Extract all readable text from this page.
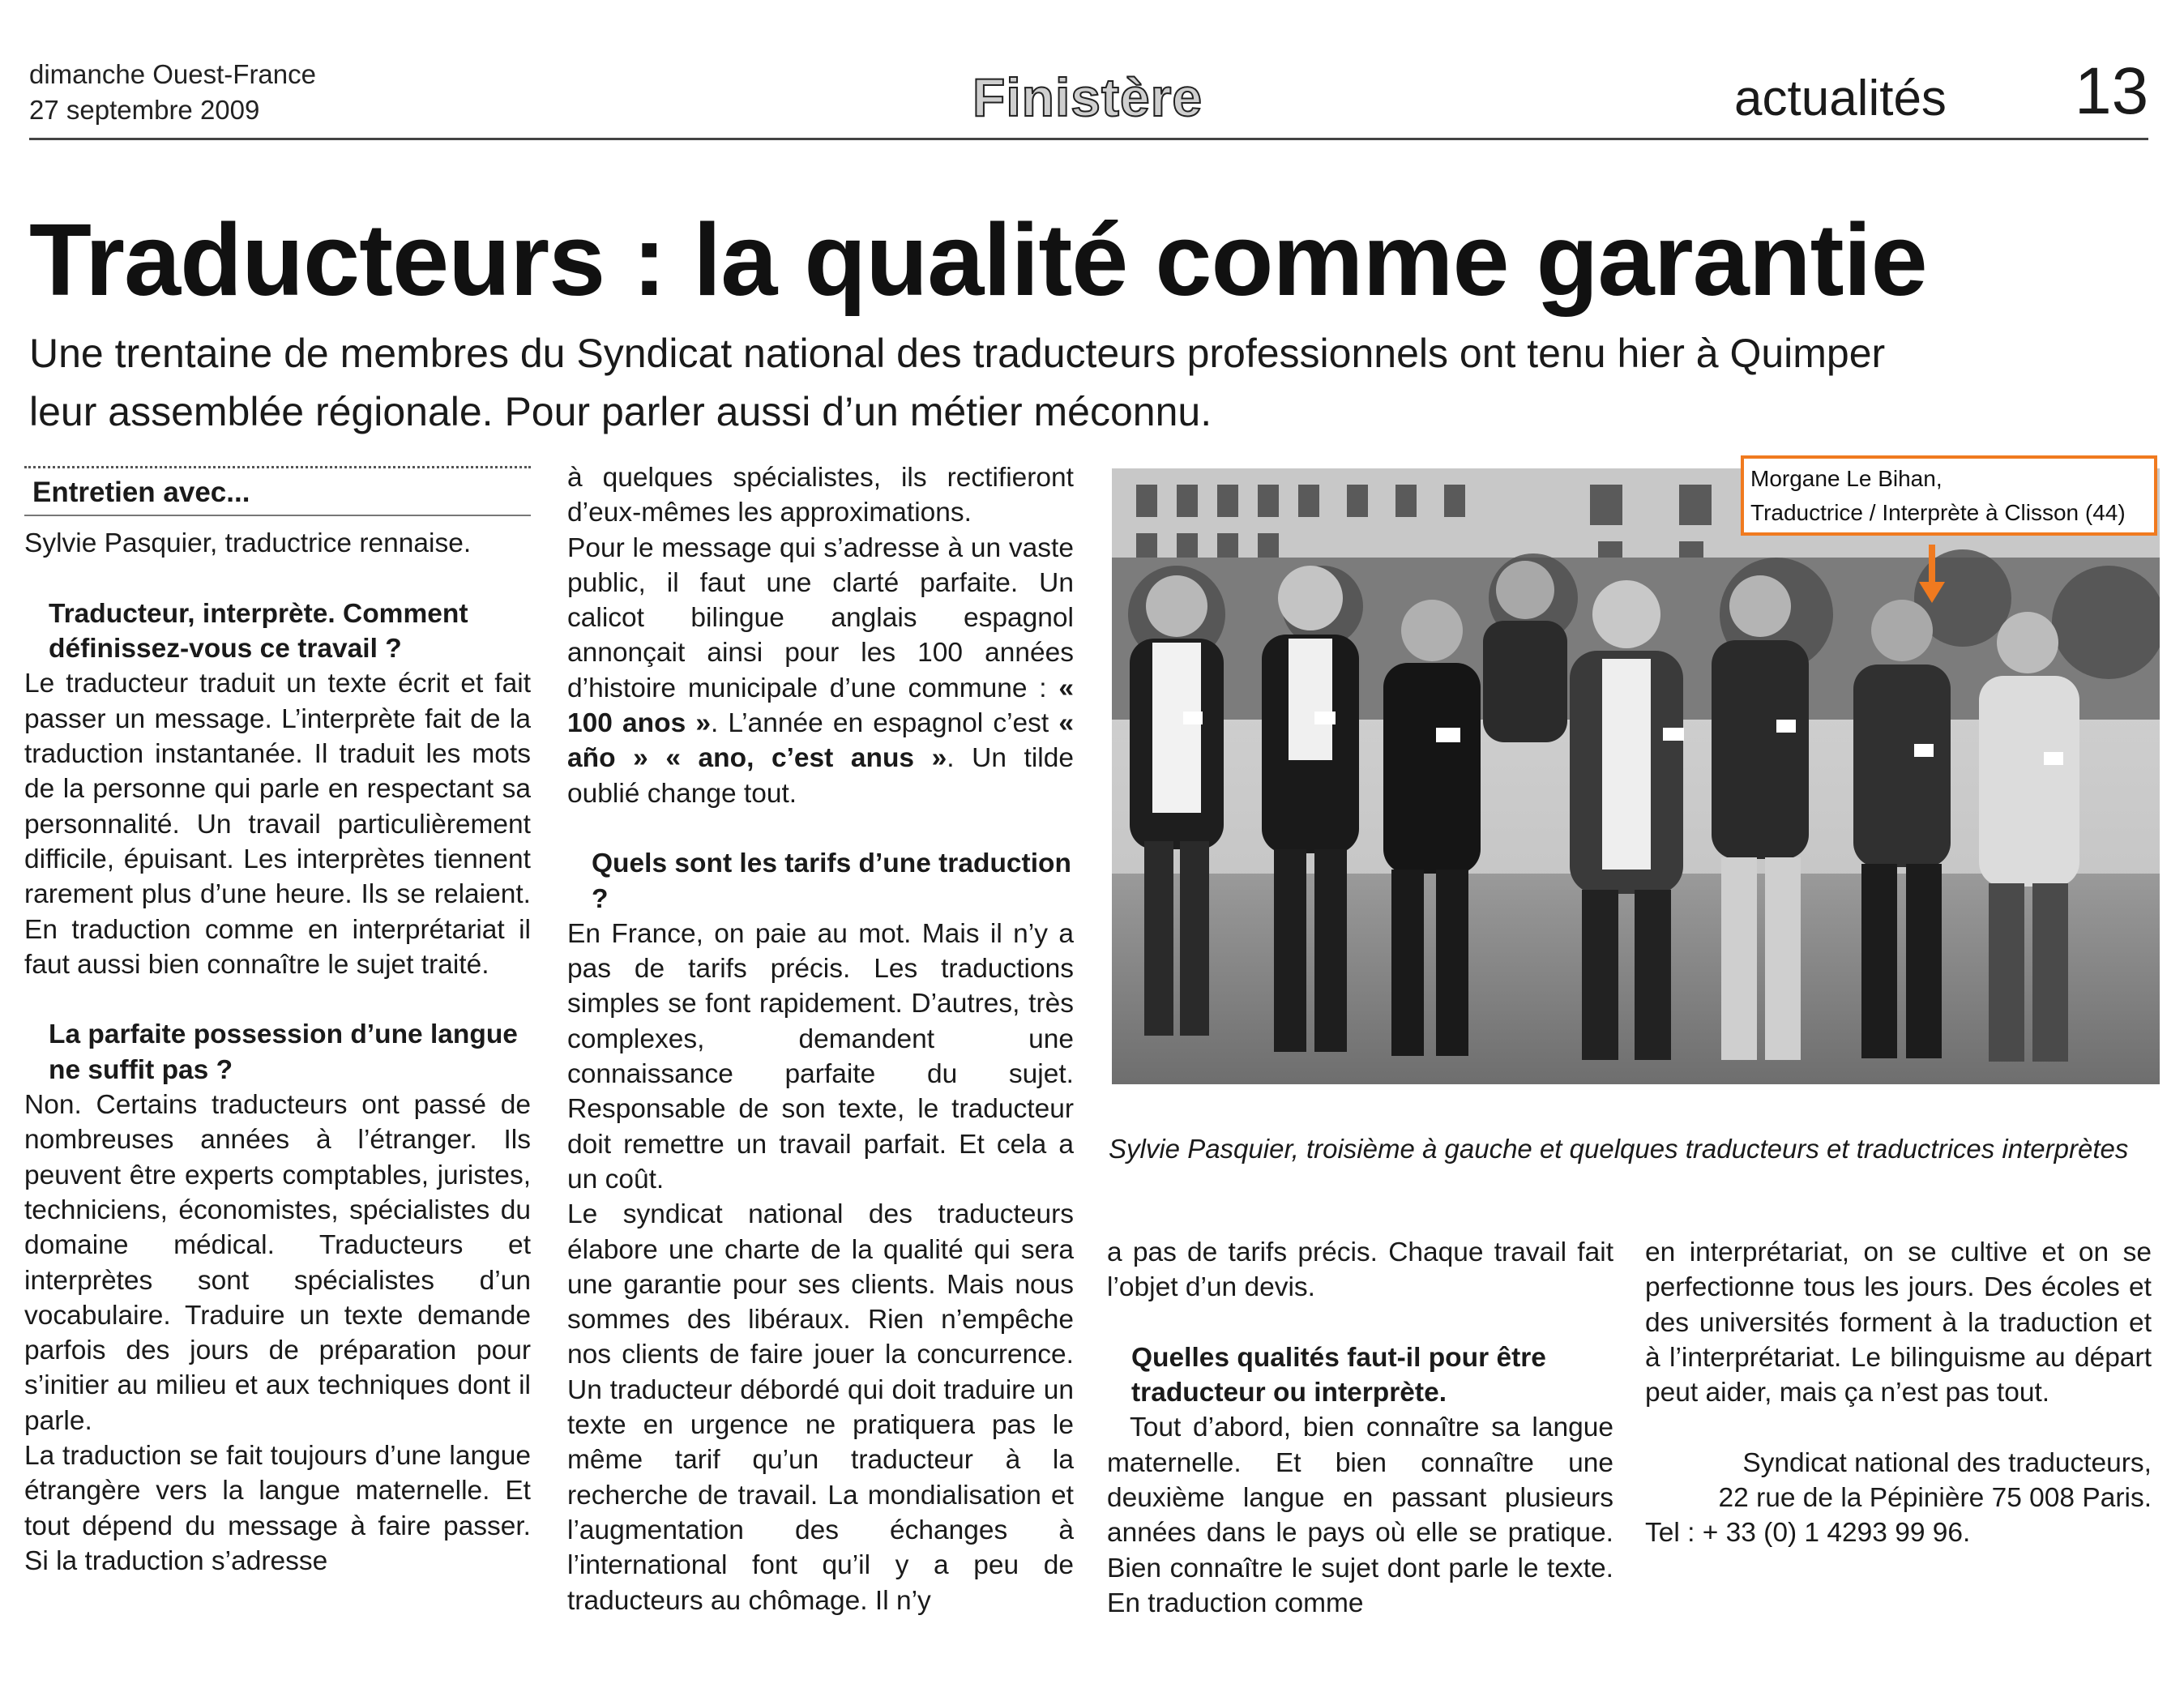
dimanche Ouest-France
27 septembre 2009	Finistère	actualités 13
Traducteurs : la qualité comme garantie
Une trentaine de membres du Syndicat national des traducteurs professionnels ont tenu hier à Quimper
leur assemblée régionale. Pour parler aussi d’un métier méconnu.
Entretien avec...

Sylvie Pasquier, traductrice rennaise.

Traducteur, interprète. Comment définissez-vous ce travail ?

Le traducteur traduit un texte écrit et fait passer un message. L’interprète fait de la traduction instantanée. Il traduit les mots de la personne qui parle en respectant sa personnalité. Un travail particulièrement difficile, épuisant. Les interprètes tiennent rarement plus d’une heure. Ils se relaient. En traduction comme en interprétariat il faut aussi bien connaître le sujet traité.

La parfaite possession d’une langue ne suffit pas ?

Non. Certains traducteurs ont passé de nombreuses années à l’étranger. Ils peuvent être experts comptables, juristes, techniciens, économistes, spécialistes du domaine médical. Traducteurs et interprètes sont spécialistes d’un vocabulaire. Traduire un texte demande parfois des jours de préparation pour s’initier au milieu et aux techniques dont il parle.

La traduction se fait toujours d’une langue étrangère vers la langue maternelle. Et tout dépend du message à faire passer. Si la traduction s’adresse

à quelques spécialistes, ils rectifieront d’eux-mêmes les approximations.

Pour le message qui s’adresse à un vaste public, il faut une clarté parfaite. Un calicot bilingue anglais espagnol annonçait ainsi pour les 100 années d’histoire municipale d’une commune : « 100 anos ». L’année en espagnol c’est « año » « ano, c’est anus ». Un tilde oublié change tout.

Quels sont les tarifs d’une traduction ?

En France, on paie au mot. Mais il n’y a pas de tarifs précis. Les traductions simples se font rapidement. D’autres, très complexes, demandent une connaissance parfaite du sujet. Responsable de son texte, le traducteur doit remettre un travail parfait. Et cela a un coût.

Le syndicat national des traducteurs élabore une charte de la qualité qui sera une garantie pour ses clients. Mais nous sommes des libéraux. Rien n’empêche nos clients de faire jouer la concurrence. Un traducteur débordé qui doit traduire un texte en urgence ne pratiquera pas le même tarif qu’un traducteur à la recherche de travail. La mondialisation et l’augmentation des échanges à l’international font qu’il y a peu de traducteurs au chômage. Il n’y

Sylvie Pasquier, troisième à gauche et quelques traducteurs et traductrices interprètes
Morgane Le Bihan,
Traductrice / Interprète à Clisson (44)

a pas de tarifs précis. Chaque travail fait l’objet d’un devis.

Quelles qualités faut-il pour être traducteur ou interprète.

Tout d’abord, bien connaître sa langue maternelle. Et bien connaître une deuxième langue en passant plusieurs années dans le pays où elle se pratique. Bien connaître le sujet dont parle le texte. En traduction comme

en interprétariat, on se cultive et on se perfectionne tous les jours. Des écoles et des universités forment à la traduction et à l’interprétariat. Le bilinguisme au départ peut aider, mais ça n’est pas tout.

Syndicat national des traducteurs,

22 rue de la Pépinière 75 008 Paris.

Tel : + 33 (0) 1 4293 99 96.
